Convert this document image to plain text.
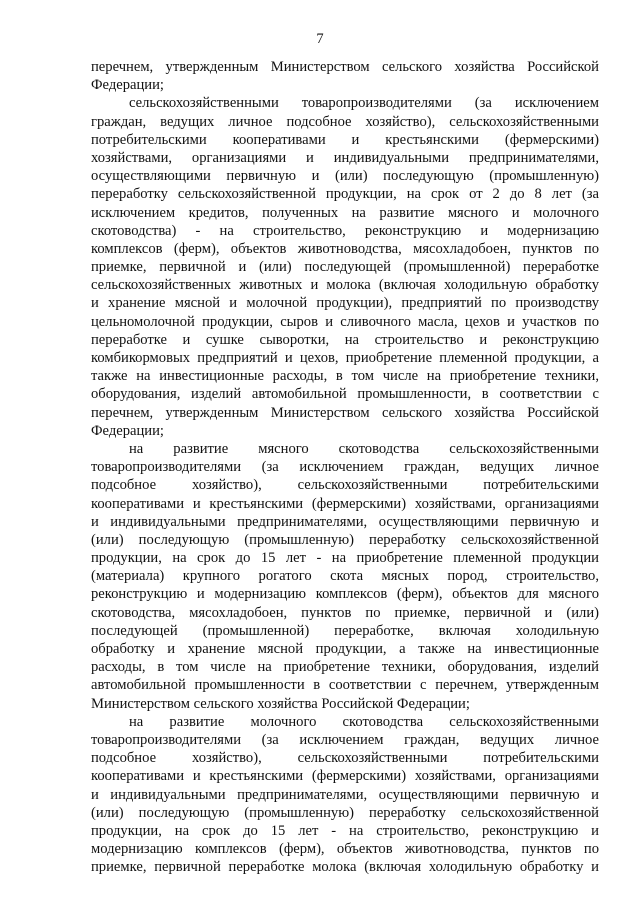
7
перечнем, утвержденным Министерством сельского хозяйства Российской
Федерации;
сельскохозяйственными товаропроизводителями (за исключением
граждан, ведущих личное подсобное хозяйство), сельскохозяйственными
потребительскими кооперативами и крестьянскими (фермерскими)
хозяйствами, организациями и индивидуальными предпринимателями,
осуществляющими первичную и (или) последующую (промышленную)
переработку сельскохозяйственной продукции, на срок от 2 до 8 лет (за
исключением кредитов, полученных на развитие мясного и молочного
скотоводства) - на строительство, реконструкцию и модернизацию
комплексов (ферм), объектов животноводства, мясохладобоен, пунктов по
приемке, первичной и (или) последующей (промышленной) переработке
сельскохозяйственных животных и молока (включая холодильную обработку
и хранение мясной и молочной продукции), предприятий по производству
цельномолочной продукции, сыров и сливочного масла, цехов и участков по
переработке и сушке сыворотки, на строительство и реконструкцию
комбикормовых предприятий и цехов, приобретение племенной продукции, а
также на инвестиционные расходы, в том числе на приобретение техники,
оборудования, изделий автомобильной промышленности, в соответствии с
перечнем, утвержденным Министерством сельского хозяйства Российской
Федерации;
на развитие мясного скотоводства сельскохозяйственными
товаропроизводителями (за исключением граждан, ведущих личное
подсобное хозяйство), сельскохозяйственными потребительскими
кооперативами и крестьянскими (фермерскими) хозяйствами, организациями
и индивидуальными предпринимателями, осуществляющими первичную и
(или) последующую (промышленную) переработку сельскохозяйственной
продукции, на срок до 15 лет - на приобретение племенной продукции
(материала) крупного рогатого скота мясных пород, строительство,
реконструкцию и модернизацию комплексов (ферм), объектов для мясного
скотоводства, мясохладобоен, пунктов по приемке, первичной и (или)
последующей (промышленной) переработке, включая холодильную
обработку и хранение мясной продукции, а также на инвестиционные
расходы, в том числе на приобретение техники, оборудования, изделий
автомобильной промышленности в соответствии с перечнем, утвержденным
Министерством сельского хозяйства Российской Федерации;
на развитие молочного скотоводства сельскохозяйственными
товаропроизводителями (за исключением граждан, ведущих личное
подсобное хозяйство), сельскохозяйственными потребительскими
кооперативами и крестьянскими (фермерскими) хозяйствами, организациями
и индивидуальными предпринимателями, осуществляющими первичную и
(или) последующую (промышленную) переработку сельскохозяйственной
продукции, на срок до 15 лет - на строительство, реконструкцию и
модернизацию комплексов (ферм), объектов животноводства, пунктов по
приемке, первичной переработке молока (включая холодильную обработку и
